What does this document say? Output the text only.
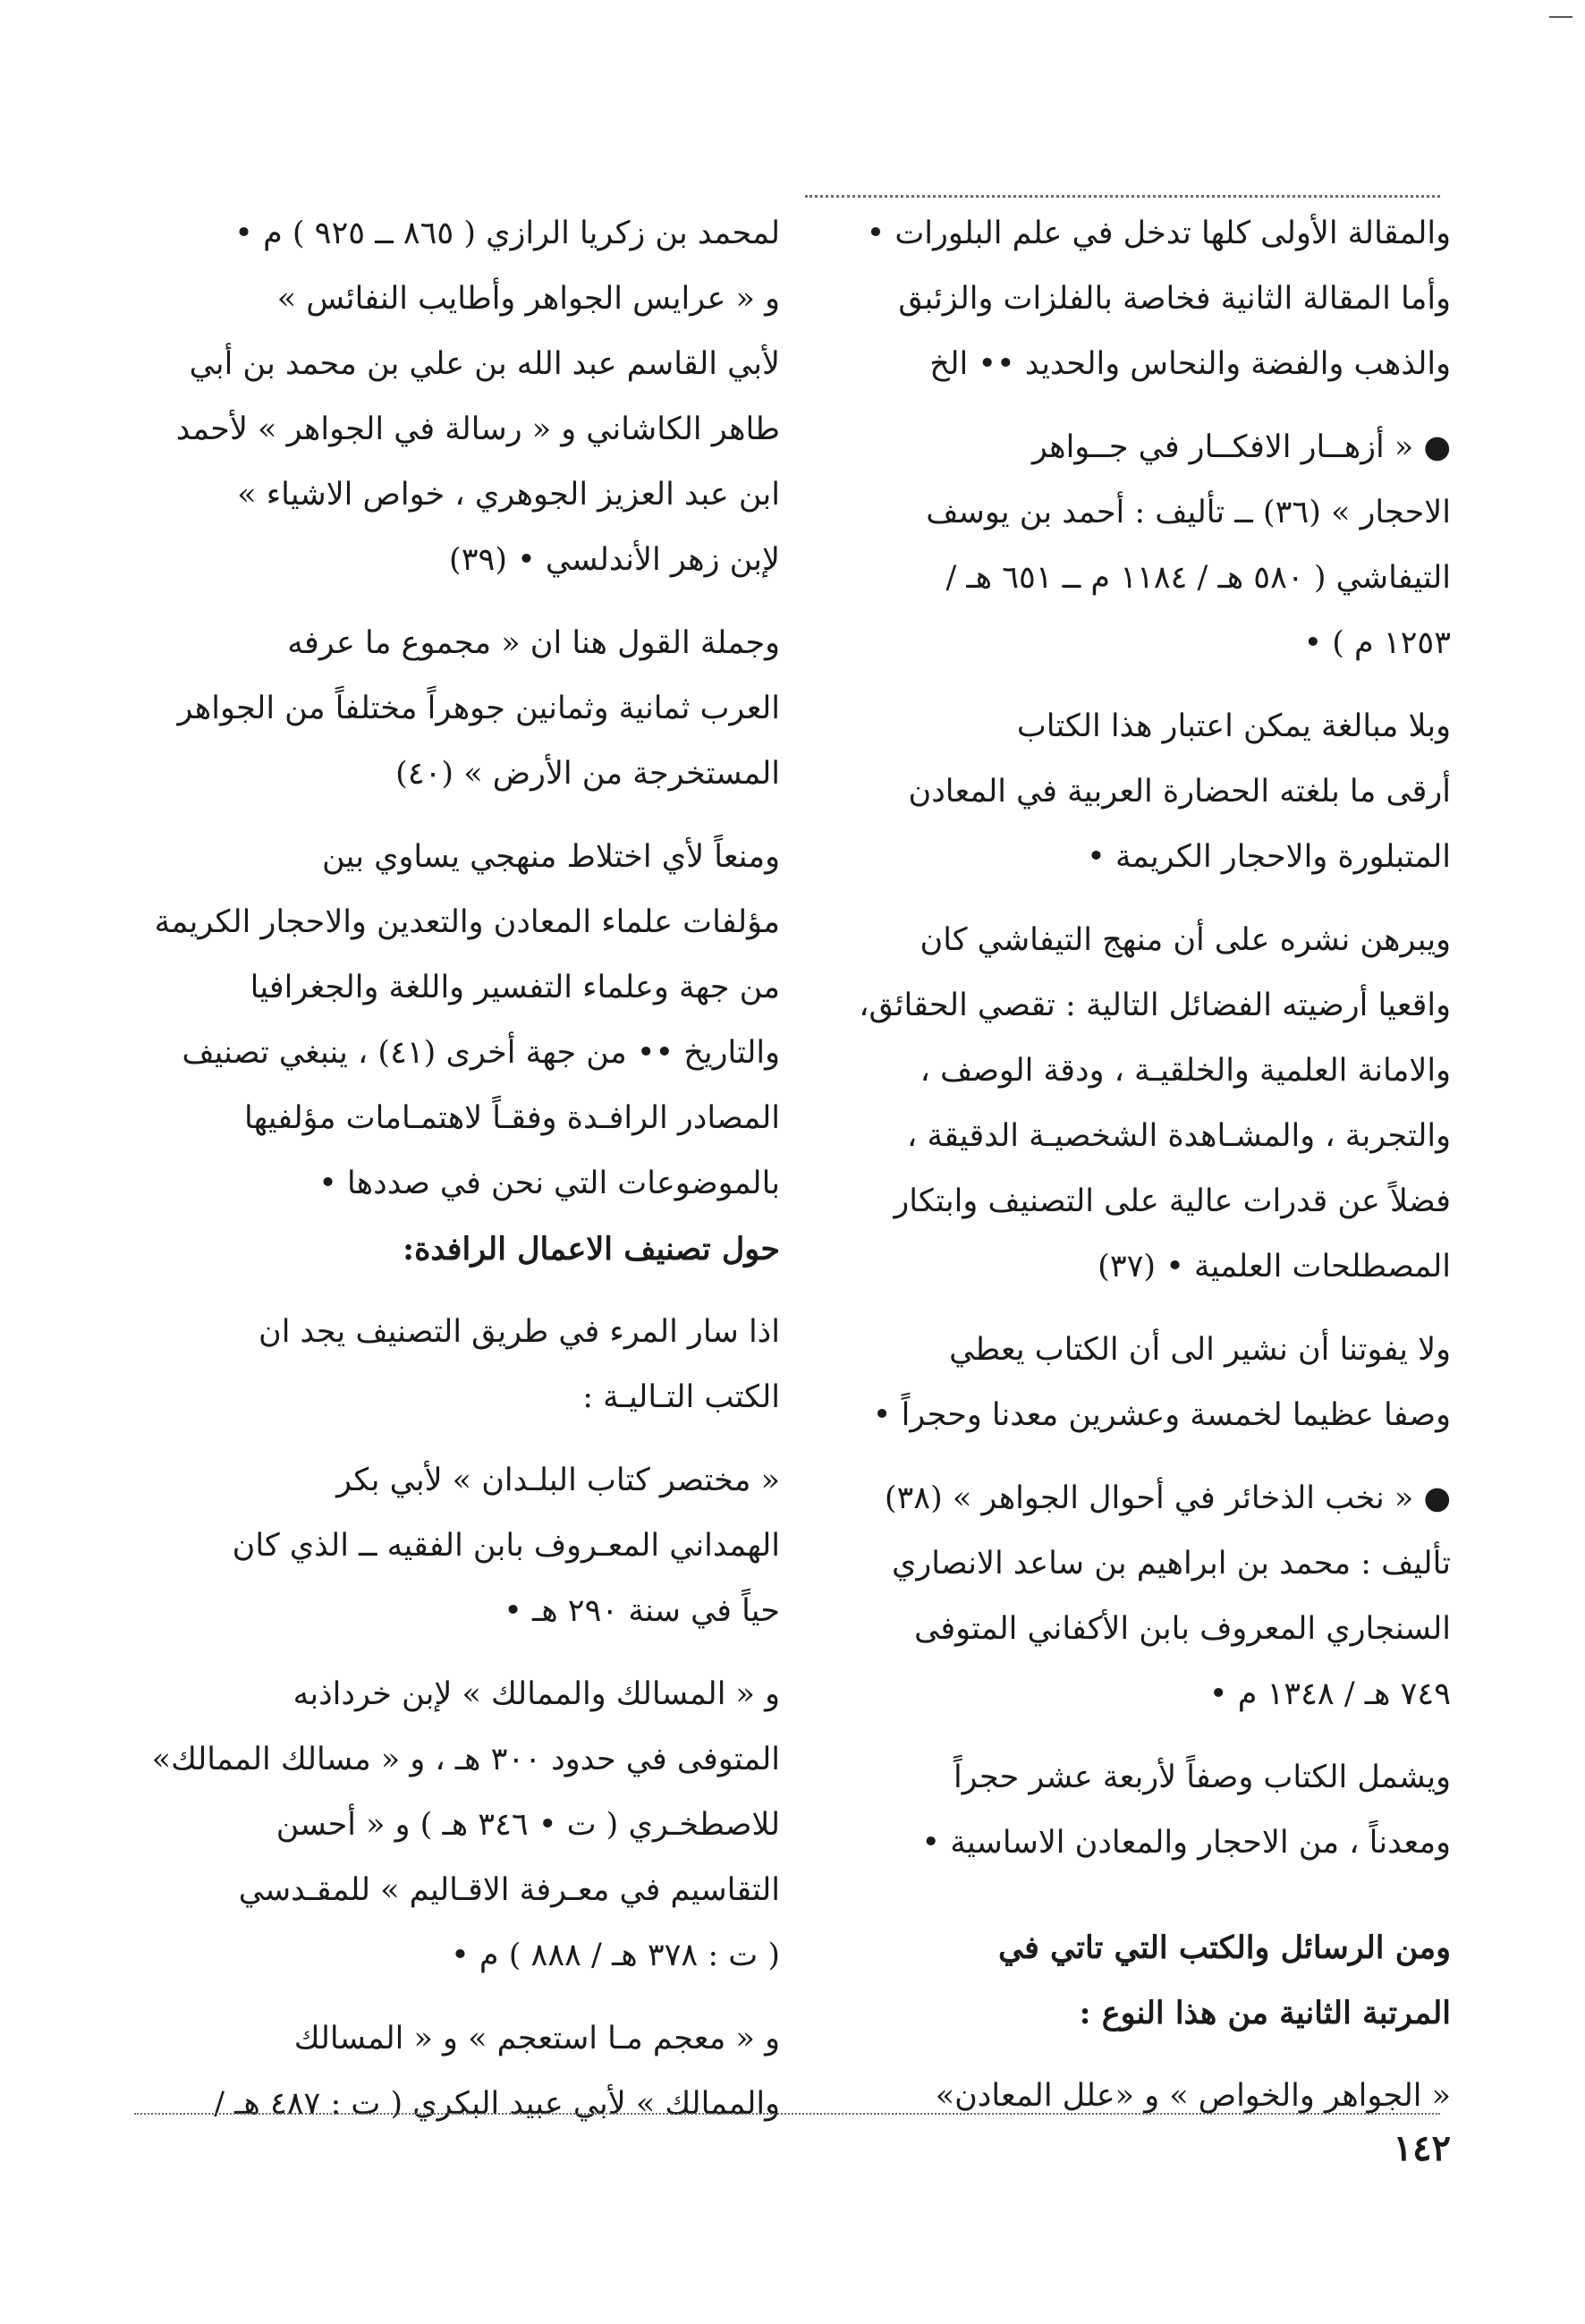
والمقالة الأولى كلها تدخل في علم البلورات •
وأما المقالة الثانية فخاصة بالفلزات والزئبق
والذهب والفضة والنحاس والحديد •• الخ

● « أزهــار الافكــار في جــواهر
الاحجار » (٣٦) ــ تأليف : أحمد بن يوسف
التيفاشي ( ٥٨٠ هـ / ١١٨٤ م ــ ٦٥١ هـ /
١٢٥٣ م ) •

وبلا مبالغة يمكن اعتبار هذا الكتاب
أرقى ما بلغته الحضارة العربية في المعادن
المتبلورة والاحجار الكريمة •

ويبرهن نشره على أن منهج التيفاشي كان
واقعيا أرضيته الفضائل التالية : تقصي الحقائق،
والامانة العلمية والخلقيـة ، ودقة الوصف ،
والتجربة ، والمشـاهدة الشخصيـة الدقيقة ،
فضلاً عن قدرات عالية على التصنيف وابتكار
المصطلحات العلمية • (٣٧)

ولا يفوتنا أن نشير الى أن الكتاب يعطي
وصفا عظيما لخمسة وعشرين معدنا وحجراً •

● « نخب الذخائر في أحوال الجواهر » (٣٨)
تأليف : محمد بن ابراهيم بن ساعد الانصاري
السنجاري المعروف بابن الأكفاني المتوفى
٧٤٩ هـ / ١٣٤٨ م •

ويشمل الكتاب وصفاً لأربعة عشر حجراً
ومعدناً ، من الاحجار والمعادن الاساسية •

ومن الرسائل والكتب التي تاتي في
المرتبة الثانية من هذا النوع :

« الجواهر والخواص » و «علل المعادن»

لمحمد بن زكريا الرازي ( ٨٦٥ ــ ٩٢٥ ) م •
و « عرايس الجواهر وأطايب النفائس »
لأبي القاسم عبد الله بن علي بن محمد بن أبي
طاهر الكاشاني و « رسالة في الجواهر » لأحمد
ابن عبد العزيز الجوهري ، خواص الاشياء »
لإبن زهر الأندلسي • (٣٩)

وجملة القول هنا ان « مجموع ما عرفه
العرب ثمانية وثمانين جوهراً مختلفاً من الجواهر
المستخرجة من الأرض » (٤٠)

ومنعاً لأي اختلاط منهجي يساوي بين
مؤلفات علماء المعادن والتعدين والاحجار الكريمة
من جهة وعلماء التفسير واللغة والجغرافيا
والتاريخ •• من جهة أخرى (٤١) ، ينبغي تصنيف
المصادر الرافـدة وفقـاً لاهتمـامات مؤلفيها
بالموضوعات التي نحن في صددها •

حول تصنيف الاعمال الرافدة:

اذا سار المرء في طريق التصنيف يجد ان
الكتب التـاليـة :

« مختصر كتاب البلـدان » لأبي بكر
الهمداني المعـروف بابن الفقيه ــ الذي كان
حياً في سنة ٢٩٠ هـ •

و « المسالك والممالك » لإبن خرداذبه
المتوفى في حدود ٣٠٠ هـ ، و « مسالك الممالك»
للاصطخـري ( ت • ٣٤٦ هـ ) و « أحسن
التقاسيم في معـرفة الاقـاليم » للمقـدسي
( ت : ٣٧٨ هـ / ٨٨٨ ) م •

و « معجم مـا استعجم » و « المسالك
والممالك » لأبي عبيد البكري ( ت : ٤٨٧ هـ /

١٤٢
